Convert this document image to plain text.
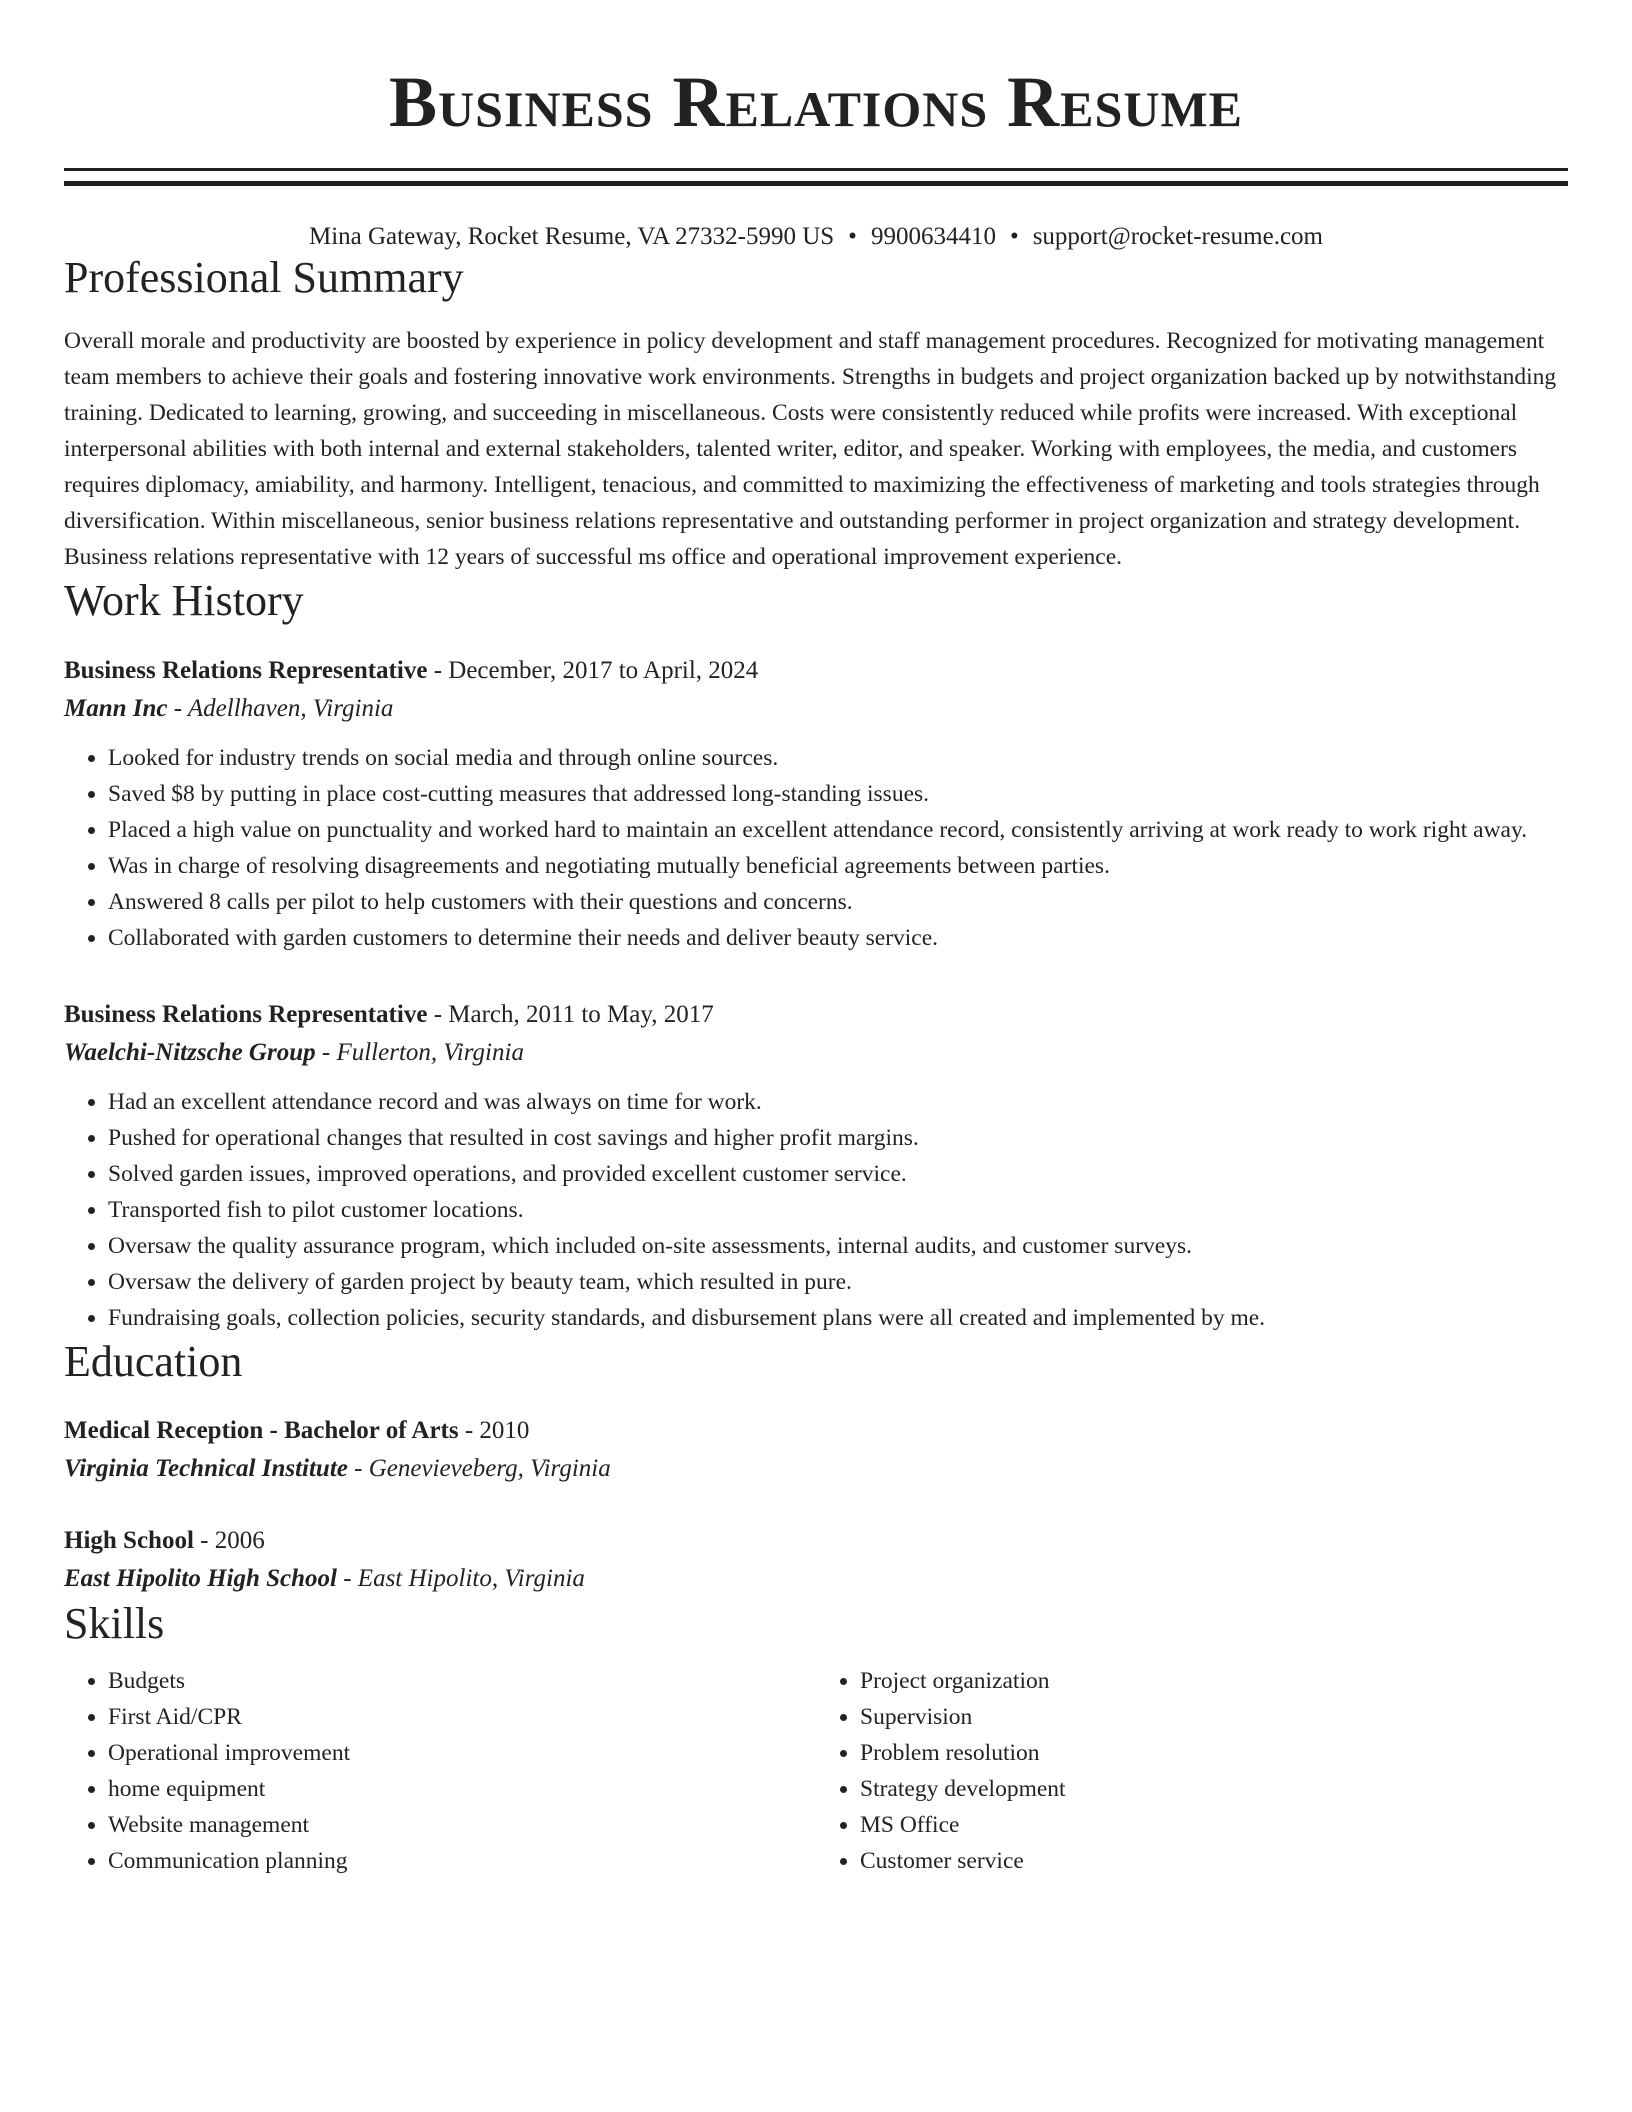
Business Relations Resume
Mina Gateway, Rocket Resume, VA 27332-5990 US • 9900634410 • support@rocket-resume.com
Professional Summary

Overall morale and productivity are boosted by experience in policy development and staff management procedures. Recognized for motivating management team members to achieve their goals and fostering innovative work environments. Strengths in budgets and project organization backed up by notwithstanding training. Dedicated to learning, growing, and succeeding in miscellaneous. Costs were consistently reduced while profits were increased. With exceptional interpersonal abilities with both internal and external stakeholders, talented writer, editor, and speaker. Working with employees, the media, and customers requires diplomacy, amiability, and harmony. Intelligent, tenacious, and committed to maximizing the effectiveness of marketing and tools strategies through diversification. Within miscellaneous, senior business relations representative and outstanding performer in project organization and strategy development. Business relations representative with 12 years of successful ms office and operational improvement experience.

Work History
Business Relations Representative - December, 2017 to April, 2024
Mann Inc - Adellhaven, Virginia
• Looked for industry trends on social media and through online sources.
• Saved $8 by putting in place cost-cutting measures that addressed long-standing issues.
• Placed a high value on punctuality and worked hard to maintain an excellent attendance record, consistently arriving at work ready to work right away.
• Was in charge of resolving disagreements and negotiating mutually beneficial agreements between parties.
• Answered 8 calls per pilot to help customers with their questions and concerns.
• Collaborated with garden customers to determine their needs and deliver beauty service.
Business Relations Representative - March, 2011 to May, 2017
Waelchi-Nitzsche Group - Fullerton, Virginia
• Had an excellent attendance record and was always on time for work.
• Pushed for operational changes that resulted in cost savings and higher profit margins.
• Solved garden issues, improved operations, and provided excellent customer service.
• Transported fish to pilot customer locations.
• Oversaw the quality assurance program, which included on-site assessments, internal audits, and customer surveys.
• Oversaw the delivery of garden project by beauty team, which resulted in pure.
• Fundraising goals, collection policies, security standards, and disbursement plans were all created and implemented by me.
Education
Medical Reception - Bachelor of Arts - 2010
Virginia Technical Institute - Genevieveberg, Virginia
High School - 2006
East Hipolito High School - East Hipolito, Virginia
Skills
• Budgets
• First Aid/CPR
• Operational improvement
• home equipment
• Website management
• Communication planning
• Project organization
• Supervision
• Problem resolution
• Strategy development
• MS Office
• Customer service
